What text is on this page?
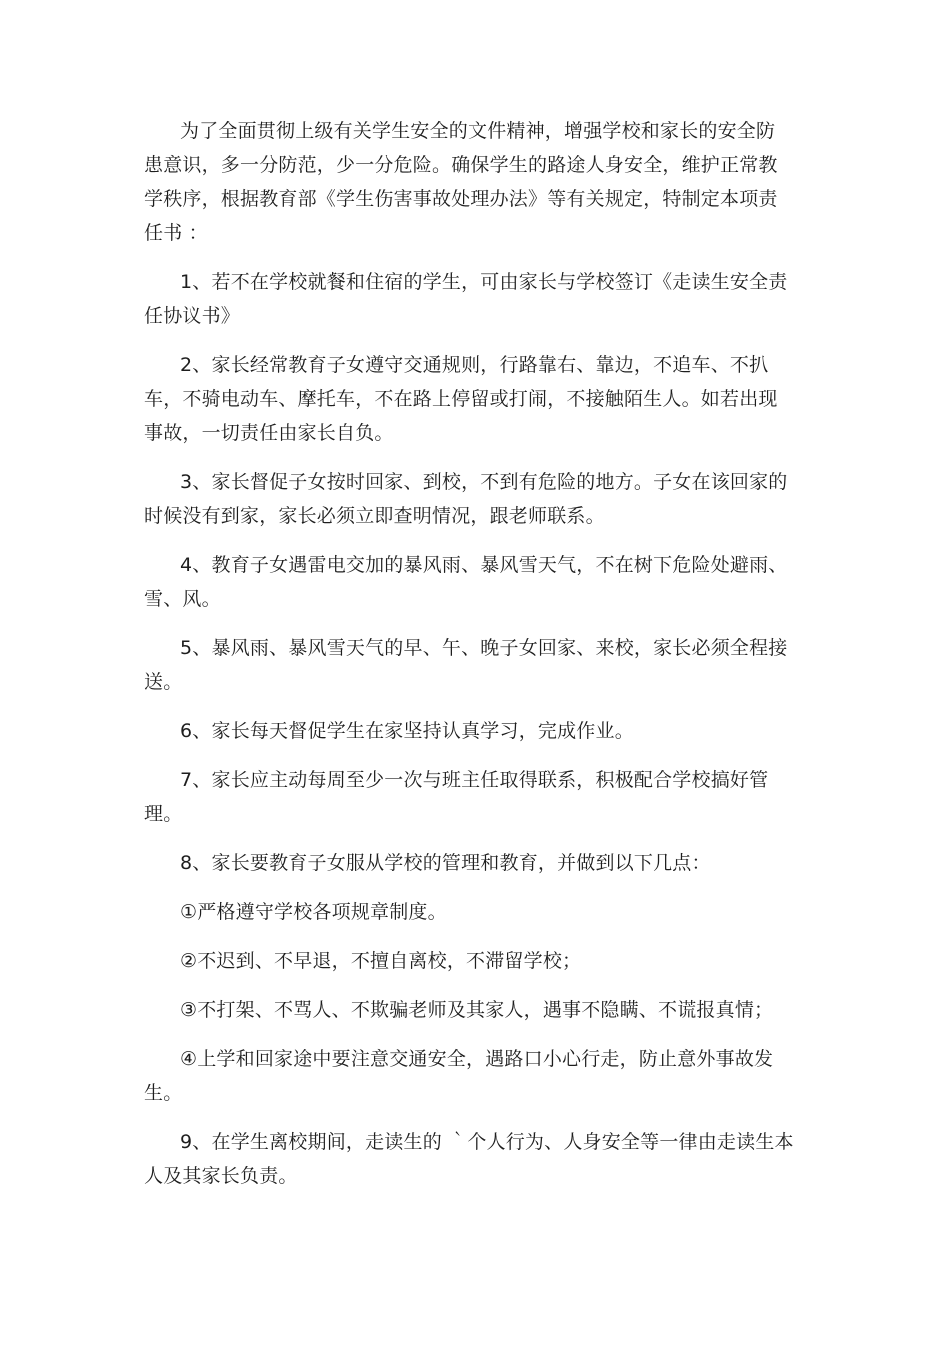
为了全面贯彻上级有关学生安全的文件精神，增强学校和家长的安全防患意识，多一分防范，少一分危险。确保学生的路途人身安全，维护正常教学秩序，根据教育部《学生伤害事故处理办法》等有关规定，特制定本项责任书 ：

1、若不在学校就餐和住宿的学生，可由家长与学校签订《走读生安全责任协议书》

2、家长经常教育子女遵守交通规则，行路靠右、靠边，不追车、不扒车，不骑电动车、摩托车，不在路上停留或打闹，不接触陌生人。如若出现事故，一切责任由家长自负。

3、家长督促子女按时回家、到校，不到有危险的地方。子女在该回家的时候没有到家，家长必须立即查明情况，跟老师联系。

4、教育子女遇雷电交加的暴风雨、暴风雪天气，不在树下危险处避雨、雪、风。

5、暴风雨、暴风雪天气的早、午、晚子女回家、来校，家长必须全程接送。

6、家长每天督促学生在家坚持认真学习，完成作业。

7、家长应主动每周至少一次与班主任取得联系，积极配合学校搞好管理。

8、家长要教育子女服从学校的管理和教育，并做到以下几点：

①严格遵守学校各项规章制度。

②不迟到、不早退，不擅自离校，不滞留学校；

③不打架、不骂人、不欺骗老师及其家人，遇事不隐瞒、不谎报真情；

④上学和回家途中要注意交通安全，遇路口小心行走，防止意外事故发生。

9、在学生离校期间，走读生的 ｀个人行为、人身安全等一律由走读生本人及其家长负责。
